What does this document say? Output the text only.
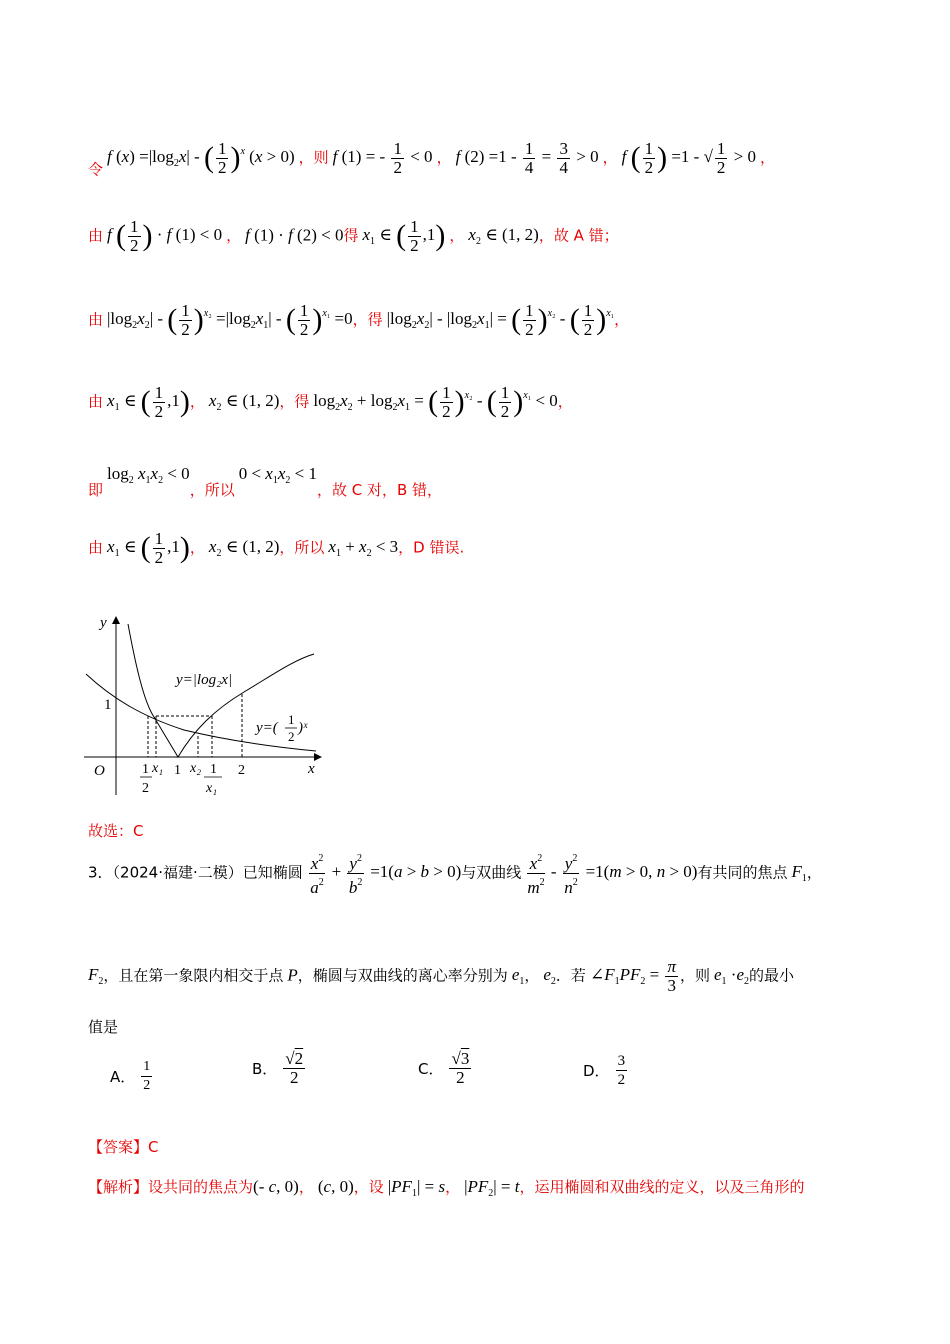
令 f $(x) =|\log_2x|$ - ( $\frac{1}{2} )^x$ (x > 0) ，则 f (1) = - $\frac{1}{2} < 0$ ， f $(2) =1 - \frac{1}{4} = \frac{3}{4} > 0$ ， f ( $\frac{1}{2}$ ) =1 - √ $\frac{1}{2} > 0$ ，
由 f ( $\frac{1}{2}$ ) · f (1) < 0 ， f (1) · f (2) < 0得 $x_1$ ∈ ( $\frac{1}{2} ,1$) ， $x_2$ ∈ (1, 2)，故 A 错；
由 $|\log_2x_2|$ - ( $\frac{1}{2} )^{x_2} =|\log_2x_1|$ - ( $\frac{1}{2} )^{x_1} =0$，得 $|\log_2x_2| - |\log_2x_1|$ = ( $\frac{1}{2} )^{x_2}$ - ( $\frac{1}{2} )^{x_1}$，
由 $x_1$ ∈ ( $\frac{1}{2} ,1$)， $x_2$ ∈ (1, 2)，得 $\log_2x_2 + \log_2x_1$ = ( $\frac{1}{2} )^{x_2}$ - ( $\frac{1}{2} )^{x_1} < 0$，
即 $\log_2 x_1x_2 < 0$，所以 $0 < x_1x_2 < 1$，故 C 对，B 错，
由 $x_1$ ∈ ( $\frac{1}{2} ,1$)， $x_2$ ∈ (1, 2)，所以 $x_1 + x_2 < 3$，D 错误.
y
x
O
1
y=|log₂x|
y=(
1
2
)ˣ
1
2
x₁ 1 x₂ 1
x₁
2
故选：C
3．（2024·福建·二模）已知椭圆 $\frac{x^2}{a^2} + \frac{y^2}{b^2} =1(a > b > 0)$与双曲线 $\frac{x^2}{m^2} - \frac{y^2}{n^2} =1(m > 0$, n > 0)有共同的焦点 $F_1$，
$F_2$，且在第一象限内相交于点 P，椭圆与双曲线的离心率分别为 $e_1$， $e_2$．若 $\angle F_1PF_2 = \frac{\pi}{3}$ ，则 $e_1 \cdot e_2$的最小
值是
A． $\frac{1}{2}$	B． $\frac{√2}{2}$	C． $\frac{√3}{2}$	D． $\frac{3}{2}$
【答案】C
【解析】设共同的焦点为(- c, 0)， (c, 0)，设 $|PF_1| = s$， $|PF_2| = t$，运用椭圆和双曲线的定义，以及三角形的
